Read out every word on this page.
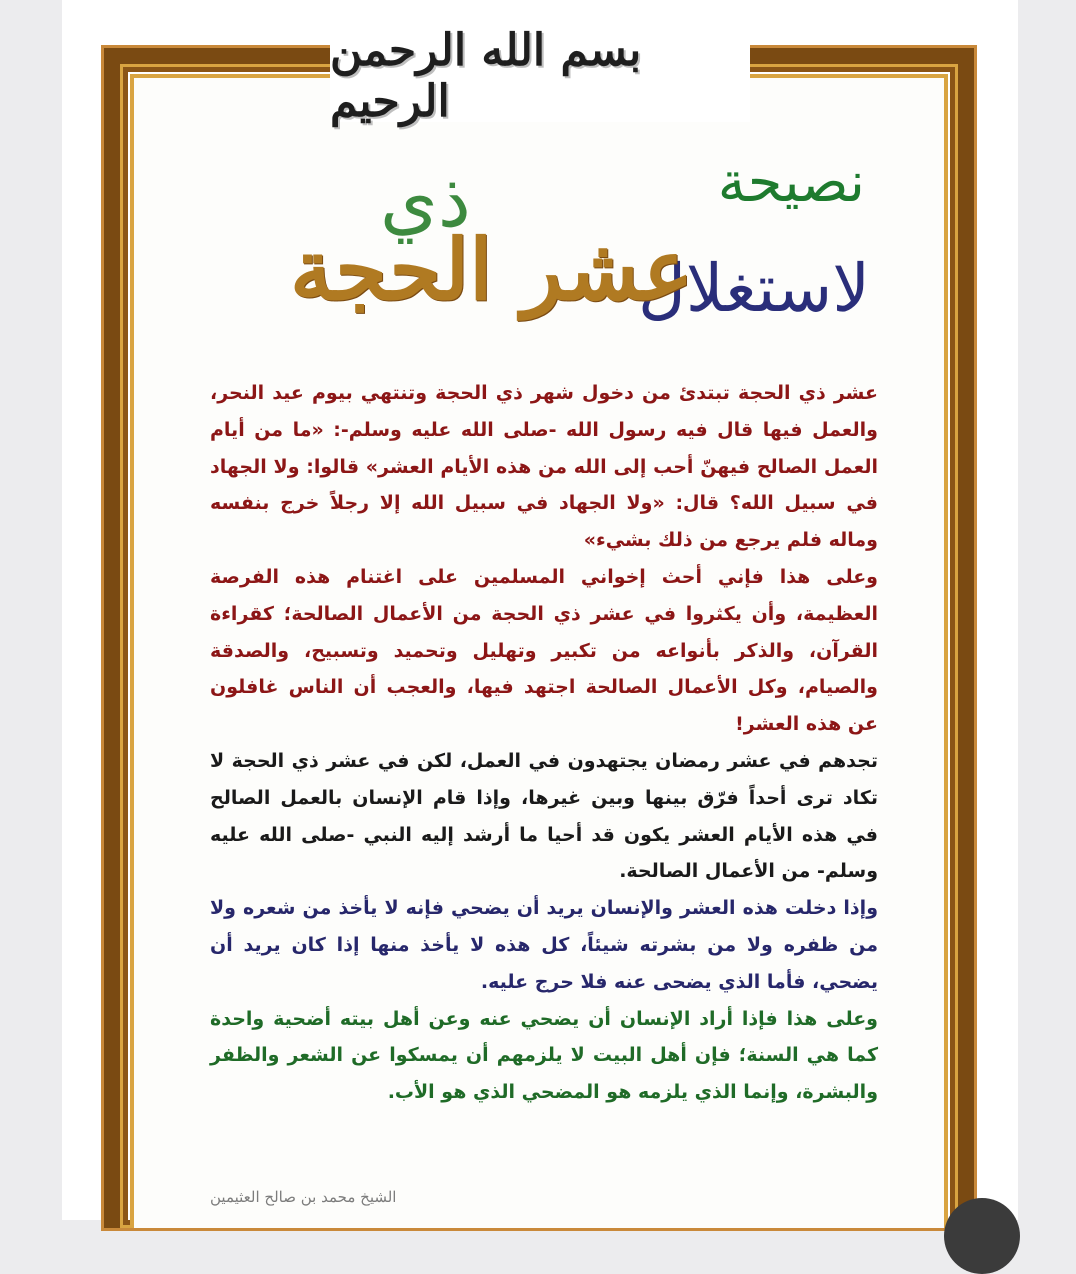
بسم الله الرحمن الرحيم
نصيحة
لاستغلال
ذي
عشر الحجة

عشر ذي الحجة تبتدئ من دخول شهر ذي الحجة وتنتهي بيوم عيد النحر، والعمل فيها قال فيه رسول الله -صلى الله عليه وسلم-: «ما من أيام العمل الصالح فيهنّ أحب إلى الله من هذه الأيام العشر» قالوا: ولا الجهاد في سبيل الله؟ قال: «ولا الجهاد في سبيل الله إلا رجلاً خرج بنفسه وماله فلم يرجع من ذلك بشيء»

وعلى هذا فإني أحث إخواني المسلمين على اغتنام هذه الفرصة العظيمة، وأن يكثروا في عشر ذي الحجة من الأعمال الصالحة؛ كقراءة القرآن، والذكر بأنواعه من تكبير وتهليل وتحميد وتسبيح، والصدقة والصيام، وكل الأعمال الصالحة اجتهد فيها، والعجب أن الناس غافلون عن هذه العشر!

تجدهم في عشر رمضان يجتهدون في العمل، لكن في عشر ذي الحجة لا تكاد ترى أحداً فرّق بينها وبين غيرها، وإذا قام الإنسان بالعمل الصالح في هذه الأيام العشر يكون قد أحيا ما أرشد إليه النبي -صلى الله عليه وسلم- من الأعمال الصالحة.

وإذا دخلت هذه العشر والإنسان يريد أن يضحي فإنه لا يأخذ من شعره ولا من ظفره ولا من بشرته شيئاً، كل هذه لا يأخذ منها إذا كان يريد أن يضحي، فأما الذي يضحى عنه فلا حرج عليه.

وعلى هذا فإذا أراد الإنسان أن يضحي عنه وعن أهل بيته أضحية واحدة كما هي السنة؛ فإن أهل البيت لا يلزمهم أن يمسكوا عن الشعر والظفر والبشرة، وإنما الذي يلزمه هو المضحي الذي هو الأب.

الشيخ محمد بن صالح العثيمين
